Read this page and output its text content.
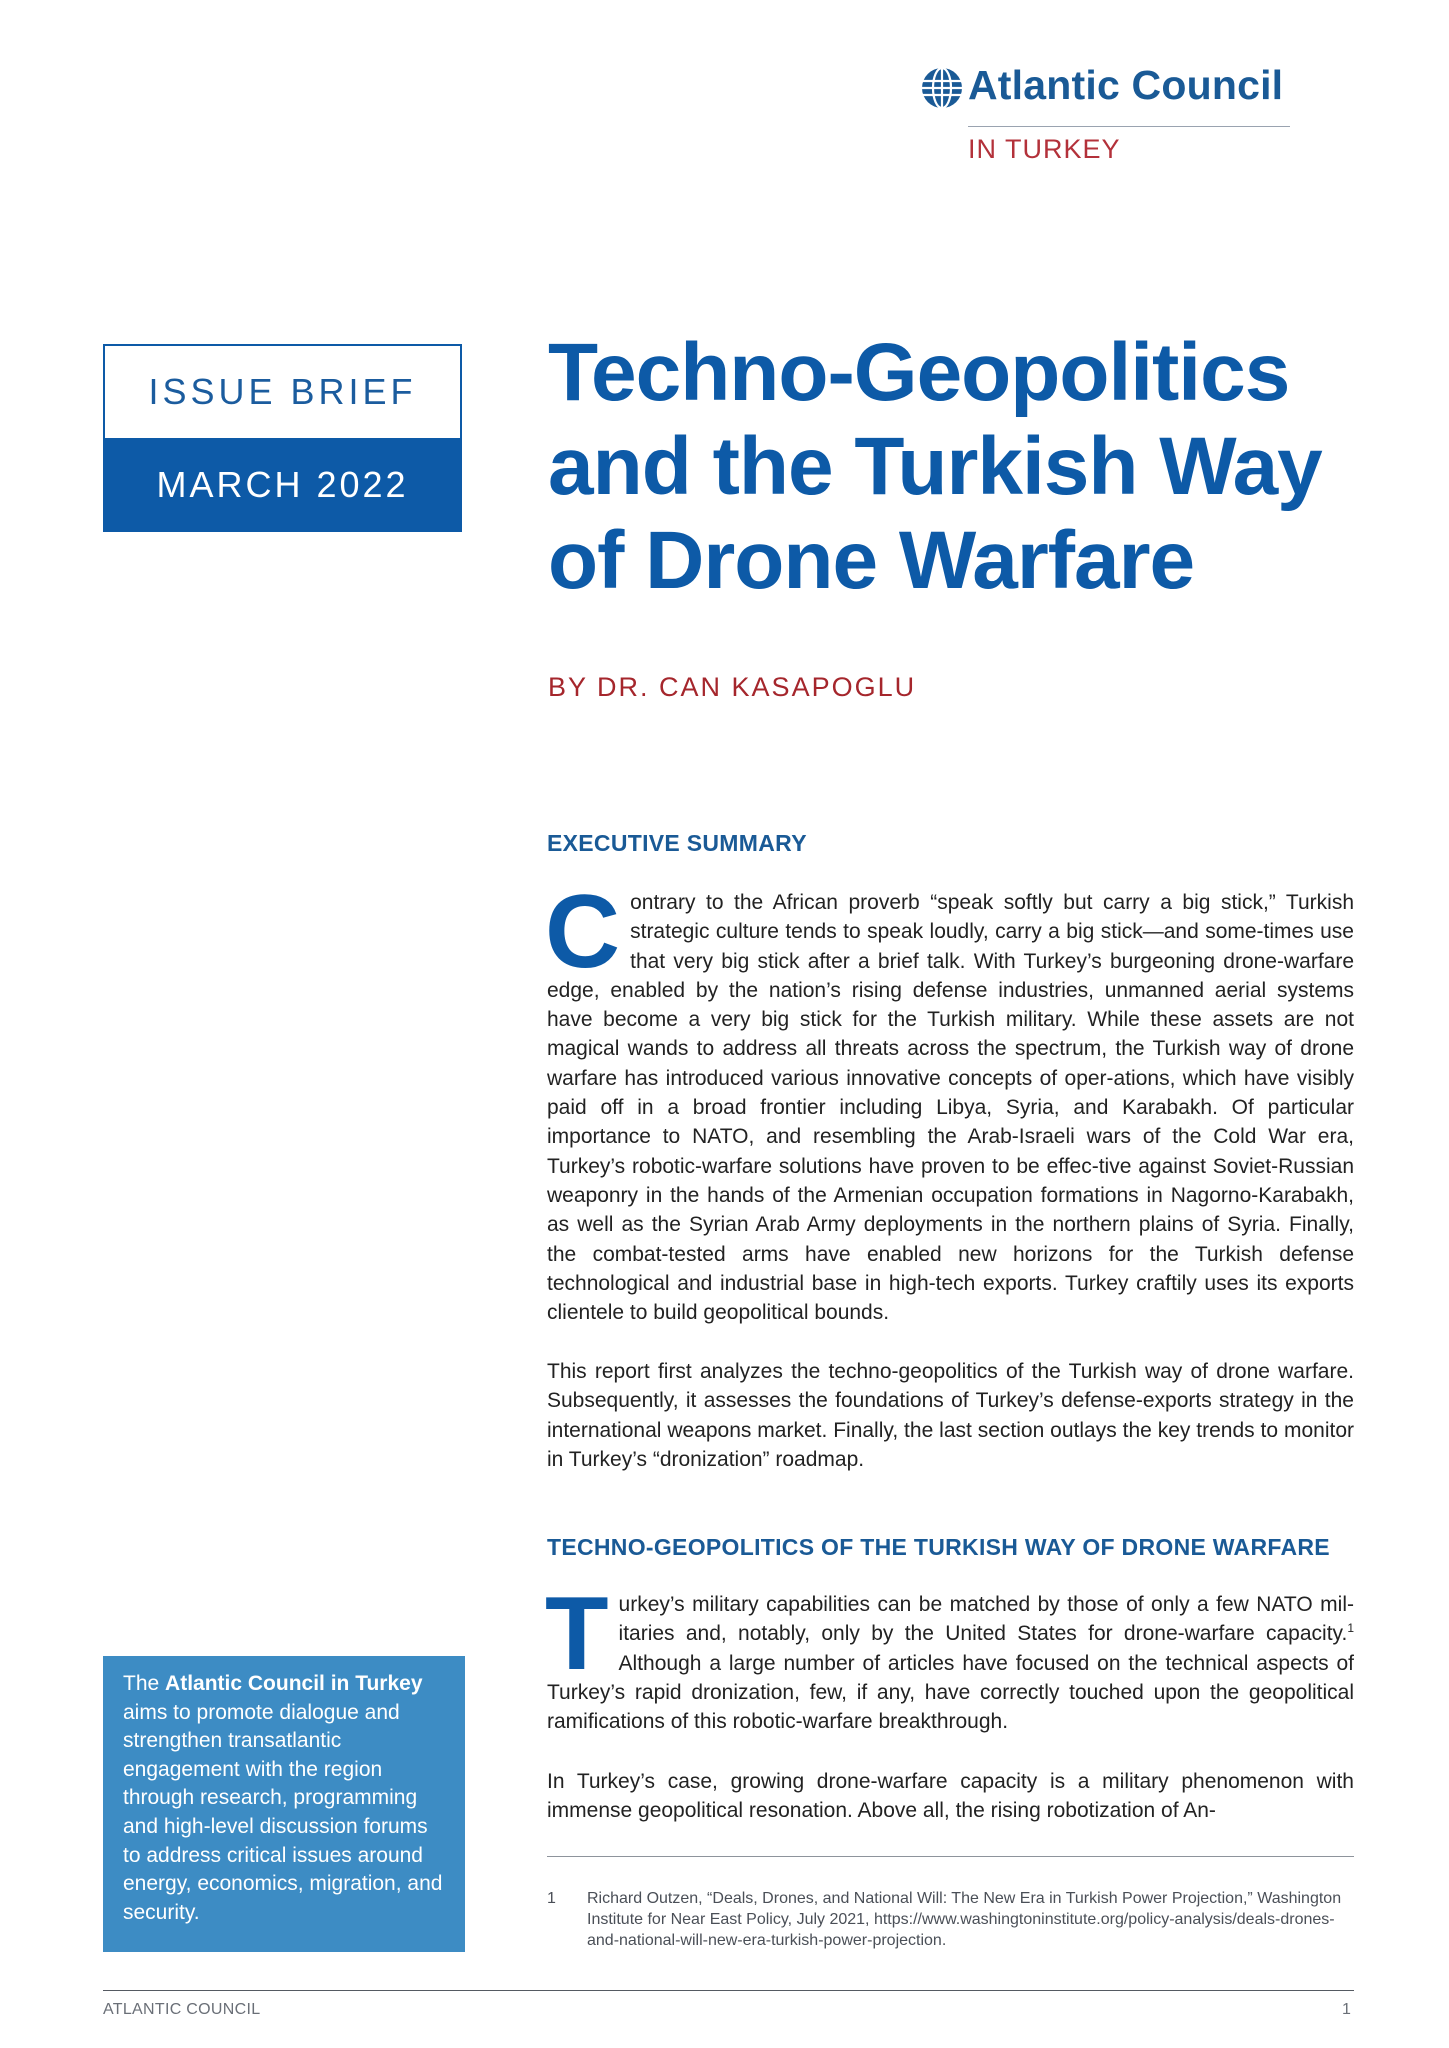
Atlantic Council
IN TURKEY
ISSUE BRIEF
MARCH 2022
Techno-Geopolitics
and the Turkish Way
of Drone Warfare
BY DR. CAN KASAPOGLU
EXECUTIVE SUMMARY

Contrary to the African proverb “speak softly but carry a big stick,” Turkish strategic culture tends to speak loudly, carry a big stick—and some-times use that very big stick after a brief talk. With Turkey’s burgeoning drone-warfare edge, enabled by the nation’s rising defense industries, unmanned aerial systems have become a very big stick for the Turkish military. While these assets are not magical wands to address all threats across the spectrum, the Turkish way of drone warfare has introduced various innovative concepts of oper-ations, which have visibly paid off in a broad frontier including Libya, Syria, and Karabakh. Of particular importance to NATO, and resembling the Arab-Israeli wars of the Cold War era, Turkey’s robotic-warfare solutions have proven to be effec-tive against Soviet-Russian weaponry in the hands of the Armenian occupation formations in Nagorno-Karabakh, as well as the Syrian Arab Army deployments in the northern plains of Syria. Finally, the combat-tested arms have enabled new horizons for the Turkish defense technological and industrial base in high-tech exports. Turkey craftily uses its exports clientele to build geopolitical bounds.

This report first analyzes the techno-geopolitics of the Turkish way of drone warfare. Subsequently, it assesses the foundations of Turkey’s defense-exports strategy in the international weapons market. Finally, the last section outlays the key trends to monitor in Turkey’s “dronization” roadmap.

TECHNO-GEOPOLITICS OF THE TURKISH WAY OF DRONE WARFARE

Turkey’s military capabilities can be matched by those of only a few NATO mil-itaries and, notably, only by the United States for drone-warfare capacity.$^1$ Although a large number of articles have focused on the technical aspects of Turkey’s rapid dronization, few, if any, have correctly touched upon the geopolitical ramifications of this robotic-warfare breakthrough.

In Turkey’s case, growing drone-warfare capacity is a military phenomenon with immense geopolitical resonation. Above all, the rising robotization of An-

1 Richard Outzen, “Deals, Drones, and National Will: The New Era in Turkish Power Projection,” Washington Institute for Near East Policy, July 2021, https://www.washingtoninstitute.org/policy-analysis/deals-drones-and-national-will-new-era-turkish-power-projection.
The Atlantic Council in Turkey aims to promote dialogue and strengthen transatlantic engagement with the region through research, programming and high-level discussion forums to address critical issues around energy, economics, migration, and security.
ATLANTIC COUNCIL	1
